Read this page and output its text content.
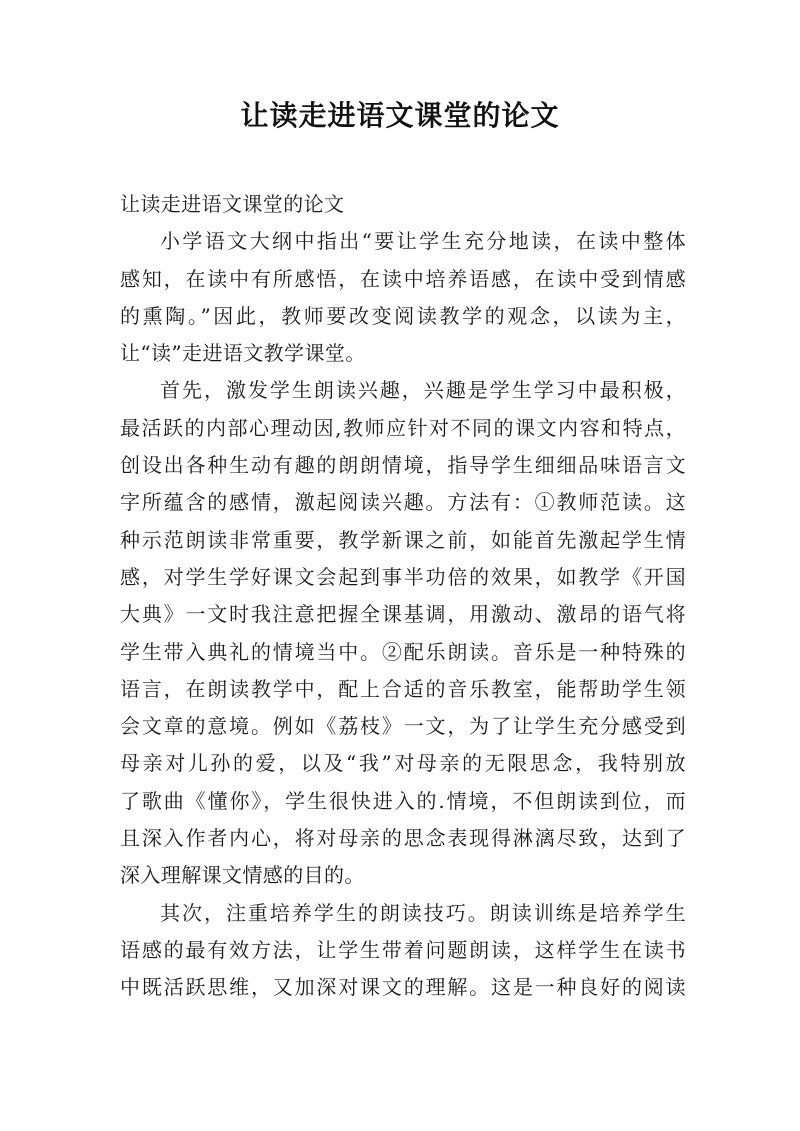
让读走进语文课堂的论文

让读走进语文课堂的论文

小学语文大纲中指出“要让学生充分地读，在读中整体
感知，在读中有所感悟，在读中培养语感，在读中受到情感
的熏陶。”因此，教师要改变阅读教学的观念，以读为主，
让“读”走进语文教学课堂。

首先，激发学生朗读兴趣，兴趣是学生学习中最积极，
最活跃的内部心理动因,教师应针对不同的课文内容和特点，
创设出各种生动有趣的朗朗情境，指导学生细细品味语言文
字所蕴含的感情，激起阅读兴趣。方法有：①教师范读。这
种示范朗读非常重要，教学新课之前，如能首先激起学生情
感，对学生学好课文会起到事半功倍的效果，如教学《开国
大典》一文时我注意把握全课基调，用激动、激昂的语气将
学生带入典礼的情境当中。②配乐朗读。音乐是一种特殊的
语言，在朗读教学中，配上合适的音乐教室，能帮助学生领
会文章的意境。例如《荔枝》一文，为了让学生充分感受到
母亲对儿孙的爱，以及“我”对母亲的无限思念，我特别放
了歌曲《懂你》，学生很快进入的.情境，不但朗读到位，而
且深入作者内心，将对母亲的思念表现得淋漓尽致，达到了
深入理解课文情感的目的。

其次，注重培养学生的朗读技巧。朗读训练是培养学生
语感的最有效方法，让学生带着问题朗读，这样学生在读书
中既活跃思维，又加深对课文的理解。这是一种良好的阅读
